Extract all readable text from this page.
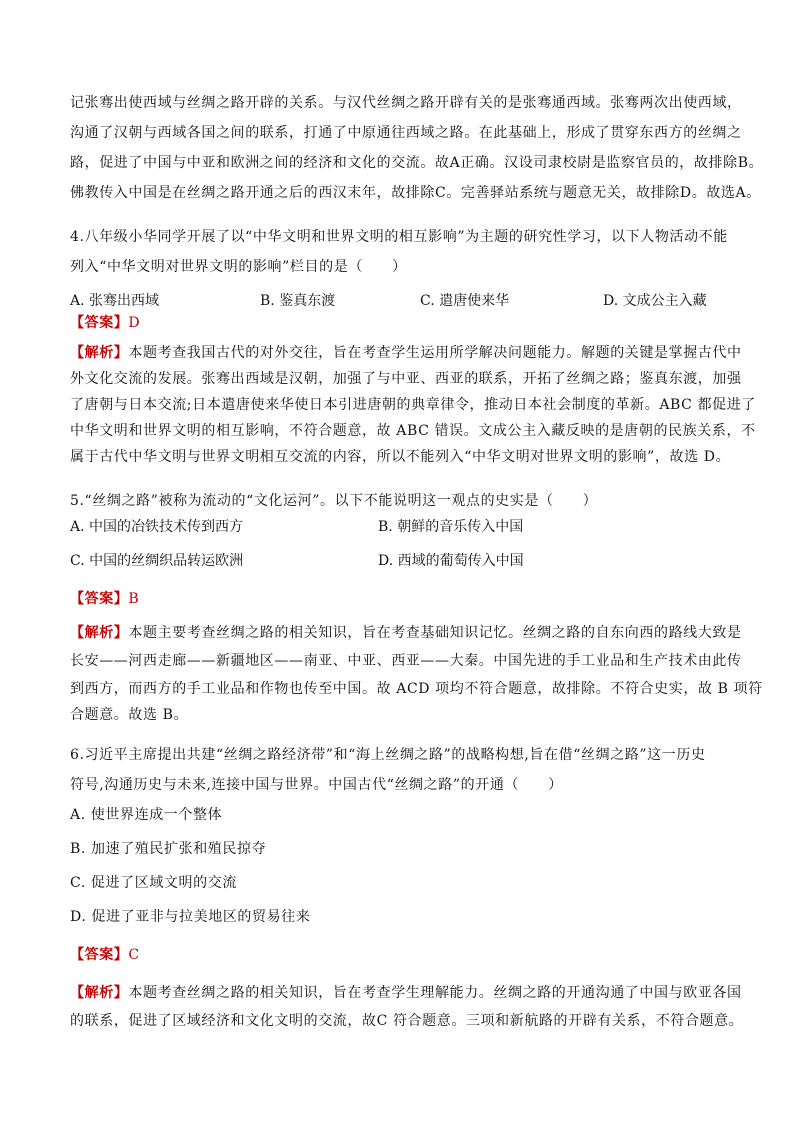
记张骞出使西域与丝绸之路开辟的关系。与汉代丝绸之路开辟有关的是张骞通西域。张骞两次出使西域，
沟通了汉朝与西域各国之间的联系，打通了中原通往西域之路。在此基础上，形成了贯穿东西方的丝绸之
路，促进了中国与中亚和欧洲之间的经济和文化的交流。故A正确。汉设司隶校尉是监察官员的，故排除B。
佛教传入中国是在丝绸之路开通之后的西汉末年，故排除C。完善驿站系统与题意无关，故排除D。故选A。
4.八年级小华同学开展了以“中华文明和世界文明的相互影响”为主题的研究性学习，以下人物活动不能
列入“中华文明对世界文明的影响”栏目的是（　　）
A. 张骞出西域	B. 鉴真东渡	C. 遣唐使来华	D. 文成公主入藏
【答案】D
【解析】本题考查我国古代的对外交往，旨在考查学生运用所学解决问题能力。解题的关键是掌握古代中
外文化交流的发展。张骞出西域是汉朝，加强了与中亚、西亚的联系，开拓了丝绸之路；鉴真东渡，加强
了唐朝与日本交流;日本遣唐使来华使日本引进唐朝的典章律令，推动日本社会制度的革新。ABC 都促进了
中华文明和世界文明的相互影响，不符合题意，故 ABC 错误。文成公主入藏反映的是唐朝的民族关系，不
属于古代中华文明与世界文明相互交流的内容，所以不能列入“中华文明对世界文明的影响”，故选 D。
5.“丝绸之路”被称为流动的“文化运河”。以下不能说明这一观点的史实是（　　）
A. 中国的冶铁技术传到西方	B. 朝鲜的音乐传入中国
C. 中国的丝绸织品转运欧洲	D. 西域的葡萄传入中国
【答案】B
【解析】本题主要考查丝绸之路的相关知识，旨在考查基础知识记忆。丝绸之路的自东向西的路线大致是
长安——河西走廊——新疆地区——南亚、中亚、西亚——大秦。中国先进的手工业品和生产技术由此传
到西方，而西方的手工业品和作物也传至中国。故 ACD 项均不符合题意，故排除。不符合史实，故 B 项符
合题意。故选 B。
6.习近平主席提出共建“丝绸之路经济带”和“海上丝绸之路”的战略构想,旨在借“丝绸之路”这一历史
符号,沟通历史与未来,连接中国与世界。中国古代“丝绸之路”的开通（　　）
A. 使世界连成一个整体
B. 加速了殖民扩张和殖民掠夺
C. 促进了区域文明的交流
D. 促进了亚非与拉美地区的贸易往来
【答案】C
【解析】本题考查丝绸之路的相关知识，旨在考查学生理解能力。丝绸之路的开通沟通了中国与欧亚各国
的联系，促进了区域经济和文化文明的交流，故C 符合题意。三项和新航路的开辟有关系，不符合题意。
